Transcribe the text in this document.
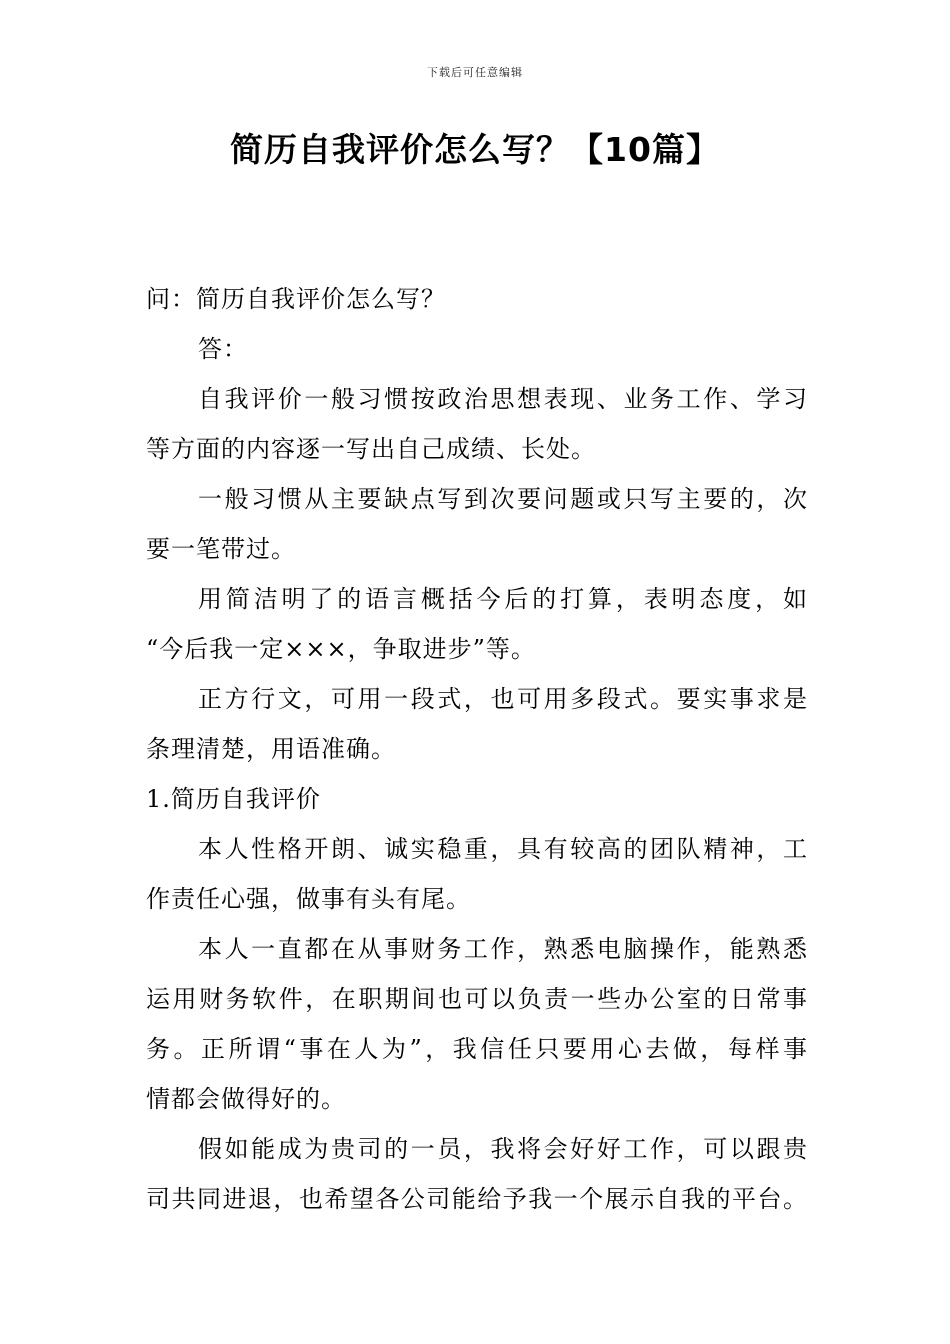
下载后可任意编辑
简历自我评价怎么写？【10篇】
问：简历自我评价怎么写？
答：
自我评价一般习惯按政治思想表现、业务工作、学习
等方面的内容逐一写出自己成绩、长处。
一般习惯从主要缺点写到次要问题或只写主要的，次
要一笔带过。
用简洁明了的语言概括今后的打算，表明态度，如
“今后我一定×××，争取进步”等。
正方行文，可用一段式，也可用多段式。要实事求是
条理清楚，用语准确。
1.简历自我评价
本人性格开朗、诚实稳重，具有较高的团队精神，工
作责任心强，做事有头有尾。
本人一直都在从事财务工作，熟悉电脑操作，能熟悉
运用财务软件，在职期间也可以负责一些办公室的日常事
务。正所谓“事在人为”，我信任只要用心去做，每样事
情都会做得好的。
假如能成为贵司的一员，我将会好好工作，可以跟贵
司共同进退，也希望各公司能给予我一个展示自我的平台。
